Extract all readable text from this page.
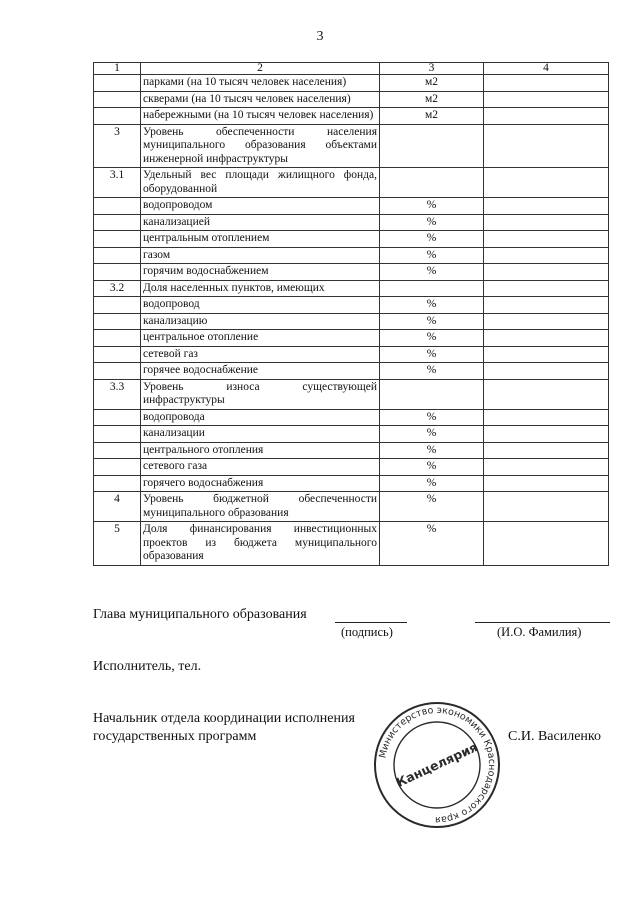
3
1	2	3	4
	парками (на 10 тысяч человек населения)	м2	
	скверами (на 10 тысяч человек населения)	м2	
	набережными (на 10 тысяч человек населения)	м2	
3	Уровень обеспеченности населения муниципального образования объектами инженерной инфраструктуры		
3.1	Удельный вес площади жилищного фонда, оборудованной		
	водопроводом	%	
	канализацией	%	
	центральным отоплением	%	
	газом	%	
	горячим водоснабжением	%	
3.2	Доля населенных пунктов, имеющих		
	водопровод	%	
	канализацию	%	
	центральное отопление	%	
	сетевой газ	%	
	горячее водоснабжение	%	
3.3	Уровень износа существующей инфраструктуры		
	водопровода	%	
	канализации	%	
	центрального отопления	%	
	сетевого газа	%	
	горячего водоснабжения	%	
4	Уровень бюджетной обеспеченности муниципального образования	%	
5	Доля финансирования инвестиционных проектов из бюджета муниципального образования	%	
Глава муниципального образования
(подпись)	(И.О. Фамилия)
Исполнитель, тел.
Начальник отдела координации исполнения
государственных программ	С.И. Василенко
Министерство экономики Краснодарского края
Канцелярия
